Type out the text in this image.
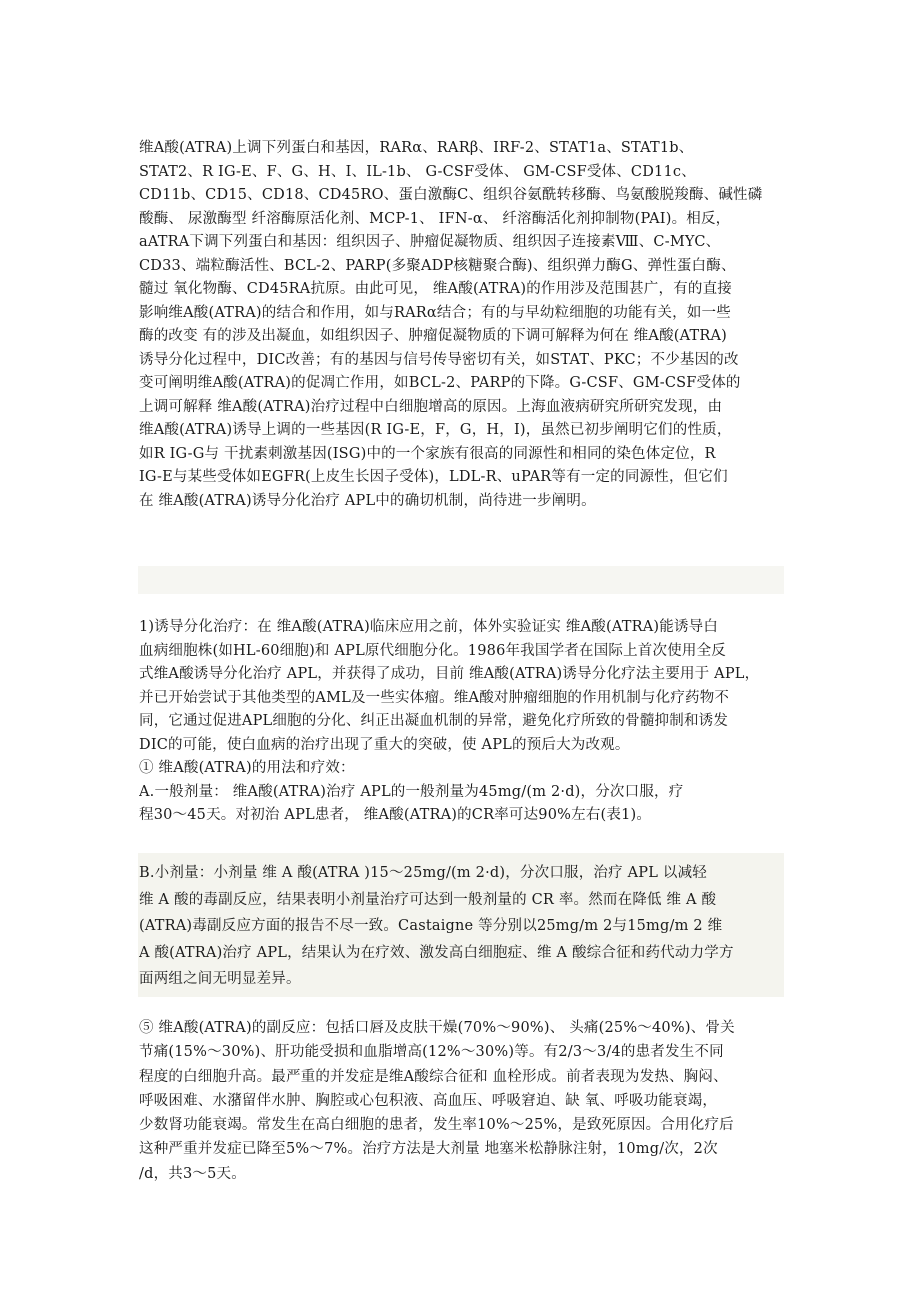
维A酸(ATRA)上调下列蛋白和基因，RARα、RARβ、IRF-2、STAT1a、STAT1b、
STAT2、R IG-E、F、G、H、I、IL-1b、 G-CSF受体、 GM-CSF受体、CD11c、
CD11b、CD15、CD18、CD45RO、蛋白激酶C、组织谷氨酰转移酶、鸟氨酸脱羧酶、碱性磷
酸酶、 尿激酶型 纤溶酶原活化剂、MCP-1、 IFN-α、 纤溶酶活化剂抑制物(PAI)。相反，
aATRA下调下列蛋白和基因：组织因子、肿瘤促凝物质、组织因子连接素Ⅷ、C-MYC、
CD33、端粒酶活性、BCL-2、PARP(多聚ADP核糖聚合酶)、组织弹力酶G、弹性蛋白酶、
髓过 氧化物酶、CD45RA抗原。由此可见， 维A酸(ATRA)的作用涉及范围甚广，有的直接
影响维A酸(ATRA)的结合和作用，如与RARα结合；有的与早幼粒细胞的功能有关，如一些
酶的改变 有的涉及出凝血，如组织因子、肿瘤促凝物质的下调可解释为何在 维A酸(ATRA)
诱导分化过程中，DIC改善；有的基因与信号传导密切有关，如STAT、PKC；不少基因的改
变可阐明维A酸(ATRA)的促凋亡作用，如BCL-2、PARP的下降。G-CSF、GM-CSF受体的
上调可解释 维A酸(ATRA)治疗过程中白细胞增高的原因。上海血液病研究所研究发现，由
维A酸(ATRA)诱导上调的一些基因(R IG-E，F，G，H，I)，虽然已初步阐明它们的性质，
如R IG-G与 干扰素刺激基因(ISG)中的一个家族有很高的同源性和相同的染色体定位，R
IG-E与某些受体如EGFR(上皮生长因子受体)，LDL-R、uPAR等有一定的同源性，但它们
在 维A酸(ATRA)诱导分化治疗 APL中的确切机制，尚待进一步阐明。
1)诱导分化治疗：在 维A酸(ATRA)临床应用之前，体外实验证实 维A酸(ATRA)能诱导白
血病细胞株(如HL-60细胞)和 APL原代细胞分化。1986年我国学者在国际上首次使用全反
式维A酸诱导分化治疗 APL，并获得了成功，目前 维A酸(ATRA)诱导分化疗法主要用于 APL，
并已开始尝试于其他类型的AML及一些实体瘤。维A酸对肿瘤细胞的作用机制与化疗药物不
同，它通过促进APL细胞的分化、纠正出凝血机制的异常，避免化疗所致的骨髓抑制和诱发
DIC的可能，使白血病的治疗出现了重大的突破，使 APL的预后大为改观。
① 维A酸(ATRA)的用法和疗效：
A.一般剂量： 维A酸(ATRA)治疗 APL的一般剂量为45mg/(m 2·d)，分次口服，疗
程30～45天。对初治 APL患者， 维A酸(ATRA)的CR率可达90%左右(表1)。
B.小剂量：小剂量 维 A 酸(ATRA )15～25mg/(m 2·d)，分次口服，治疗 APL 以减轻
维 A 酸的毒副反应，结果表明小剂量治疗可达到一般剂量的 CR 率。然而在降低 维 A 酸
(ATRA)毒副反应方面的报告不尽一致。Castaigne 等分别以25mg/m 2与15mg/m 2 维
A 酸(ATRA)治疗 APL，结果认为在疗效、激发高白细胞症、维 A 酸综合征和药代动力学方
面两组之间无明显差异。
⑤ 维A酸(ATRA)的副反应：包括口唇及皮肤干燥(70%～90%)、 头痛(25%～40%)、骨关
节痛(15%～30%)、肝功能受损和血脂增高(12%～30%)等。有2/3～3/4的患者发生不同
程度的白细胞升高。最严重的并发症是维A酸综合征和 血栓形成。前者表现为发热、胸闷、
呼吸困难、水潴留伴水肿、胸腔或心包积液、高血压、呼吸窘迫、缺 氧、呼吸功能衰竭，
少数肾功能衰竭。常发生在高白细胞的患者，发生率10%～25%，是致死原因。合用化疗后
这种严重并发症已降至5%～7%。治疗方法是大剂量 地塞米松静脉注射，10mg/次，2次
/d，共3～5天。
